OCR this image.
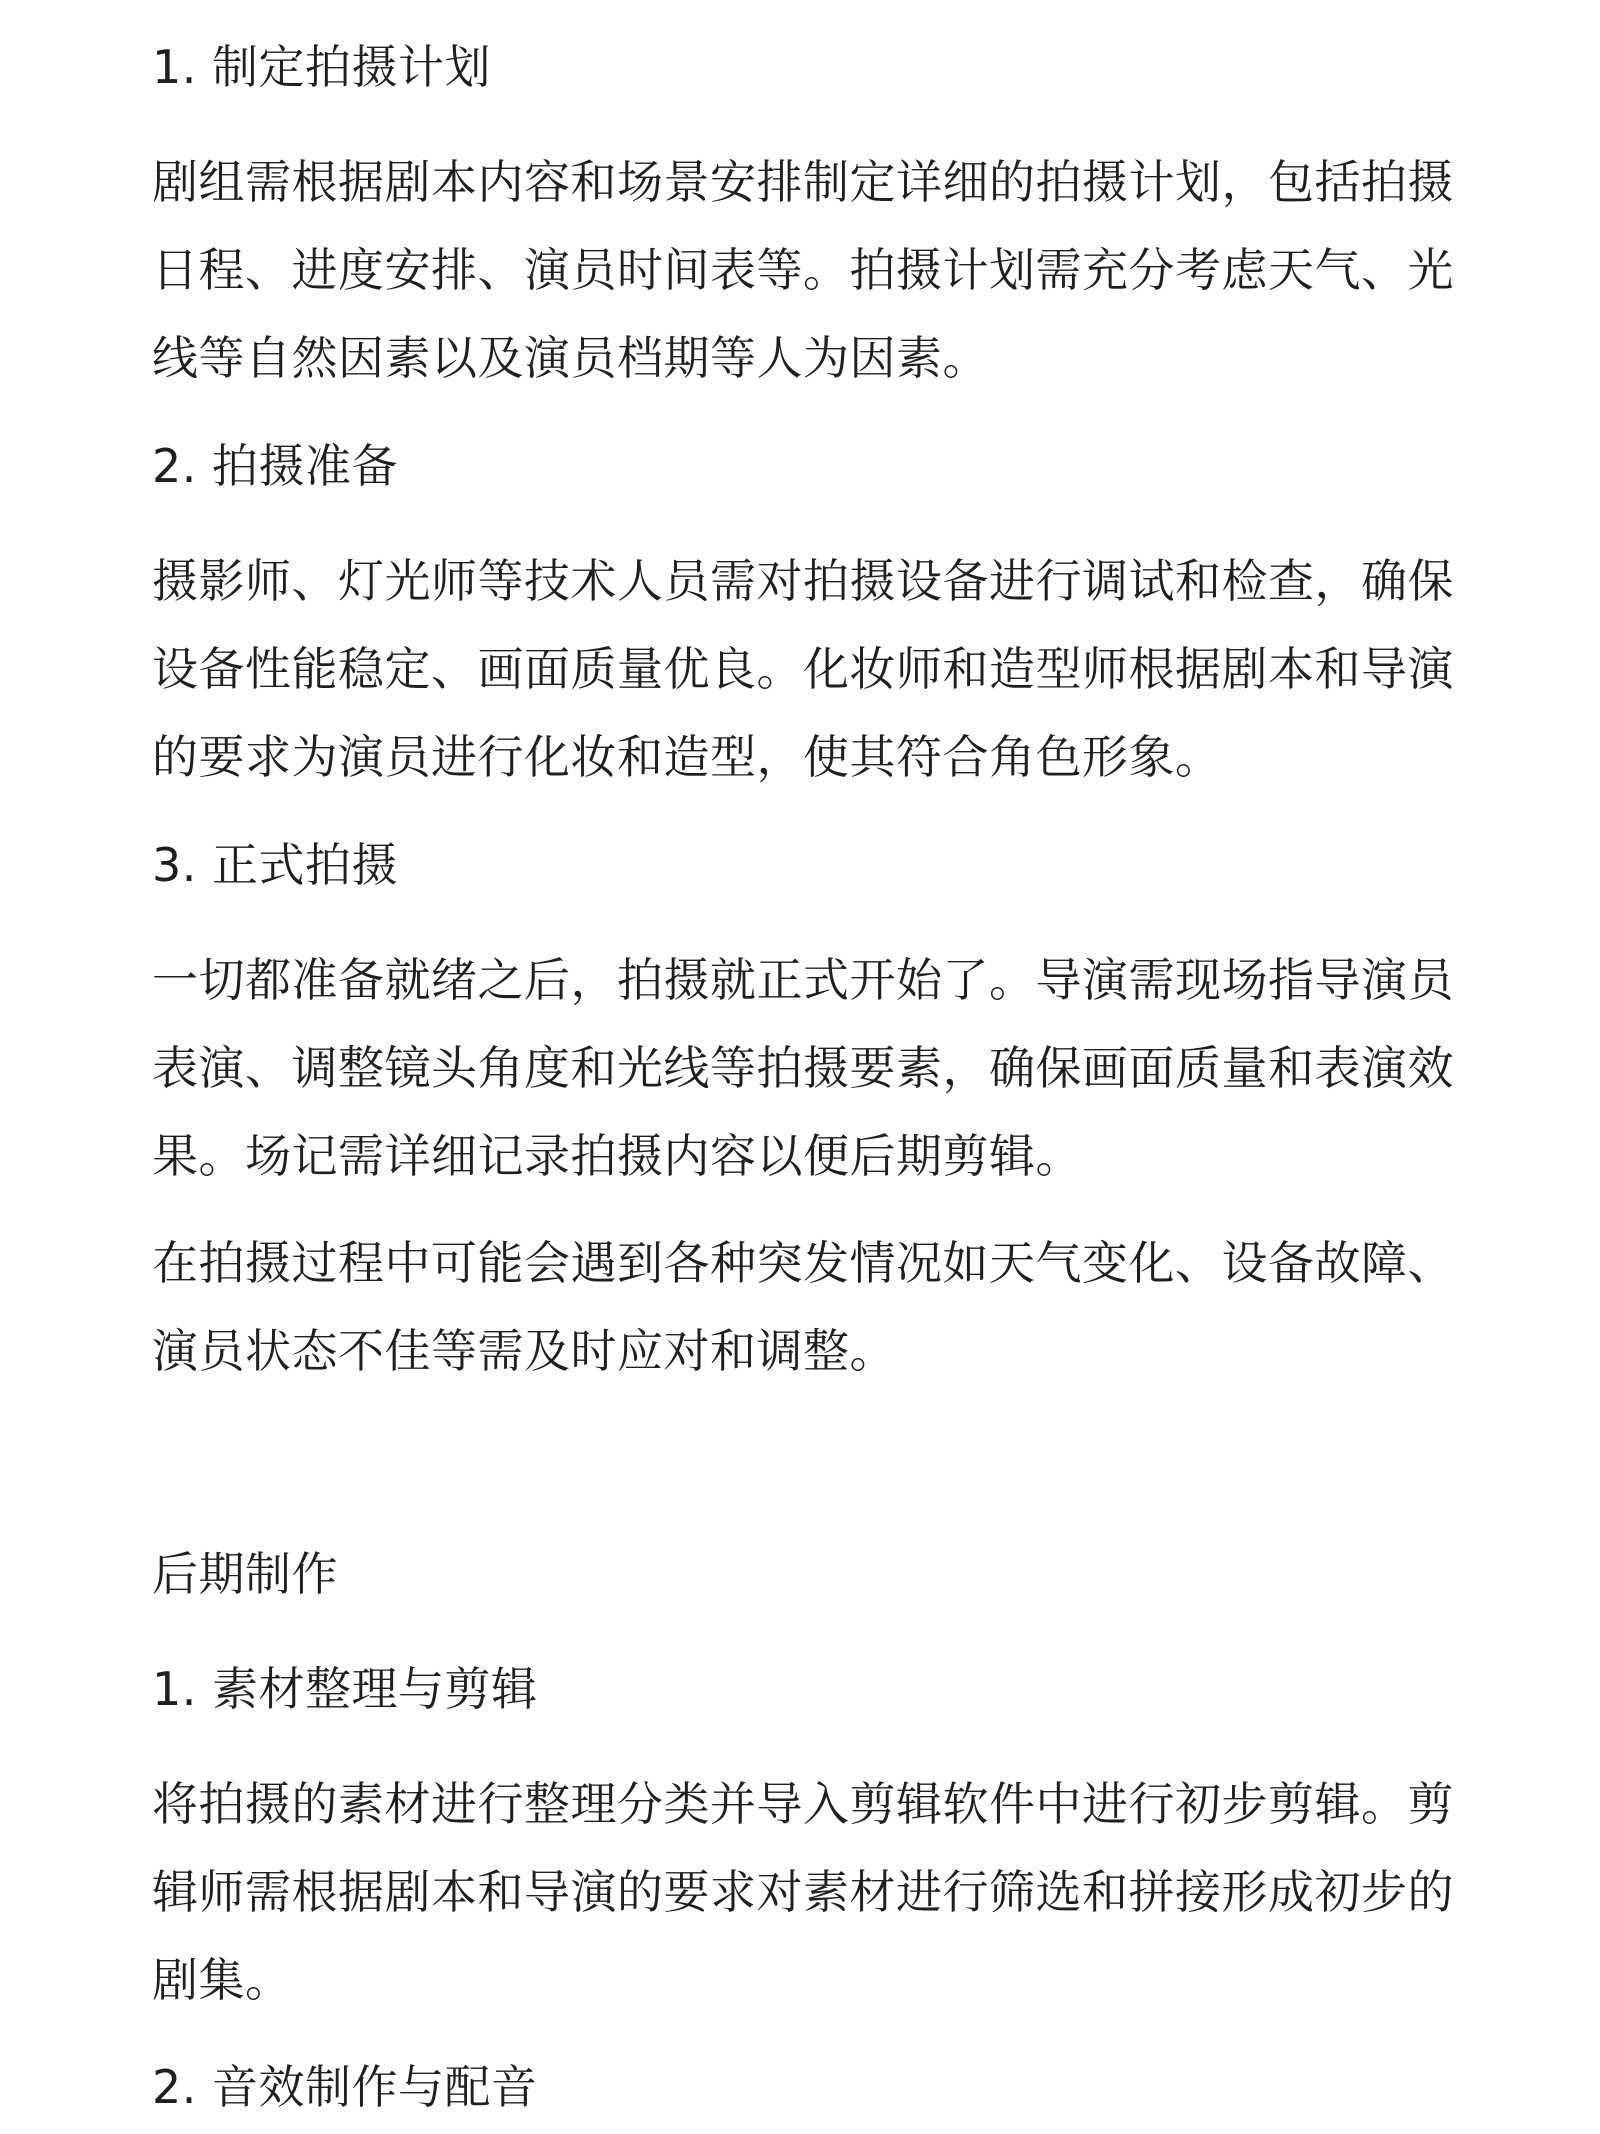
1. 制定拍摄计划
剧组需根据剧本内容和场景安排制定详细的拍摄计划，包括拍摄
日程、进度安排、演员时间表等。拍摄计划需充分考虑天气、光
线等自然因素以及演员档期等人为因素。
2. 拍摄准备
摄影师、灯光师等技术人员需对拍摄设备进行调试和检查，确保
设备性能稳定、画面质量优良。化妆师和造型师根据剧本和导演
的要求为演员进行化妆和造型，使其符合角色形象。
3. 正式拍摄
一切都准备就绪之后，拍摄就正式开始了。导演需现场指导演员
表演、调整镜头角度和光线等拍摄要素，确保画面质量和表演效
果。场记需详细记录拍摄内容以便后期剪辑。
在拍摄过程中可能会遇到各种突发情况如天气变化、设备故障、
演员状态不佳等需及时应对和调整。
后期制作
1. 素材整理与剪辑
将拍摄的素材进行整理分类并导入剪辑软件中进行初步剪辑。剪
辑师需根据剧本和导演的要求对素材进行筛选和拼接形成初步的
剧集。
2. 音效制作与配音
